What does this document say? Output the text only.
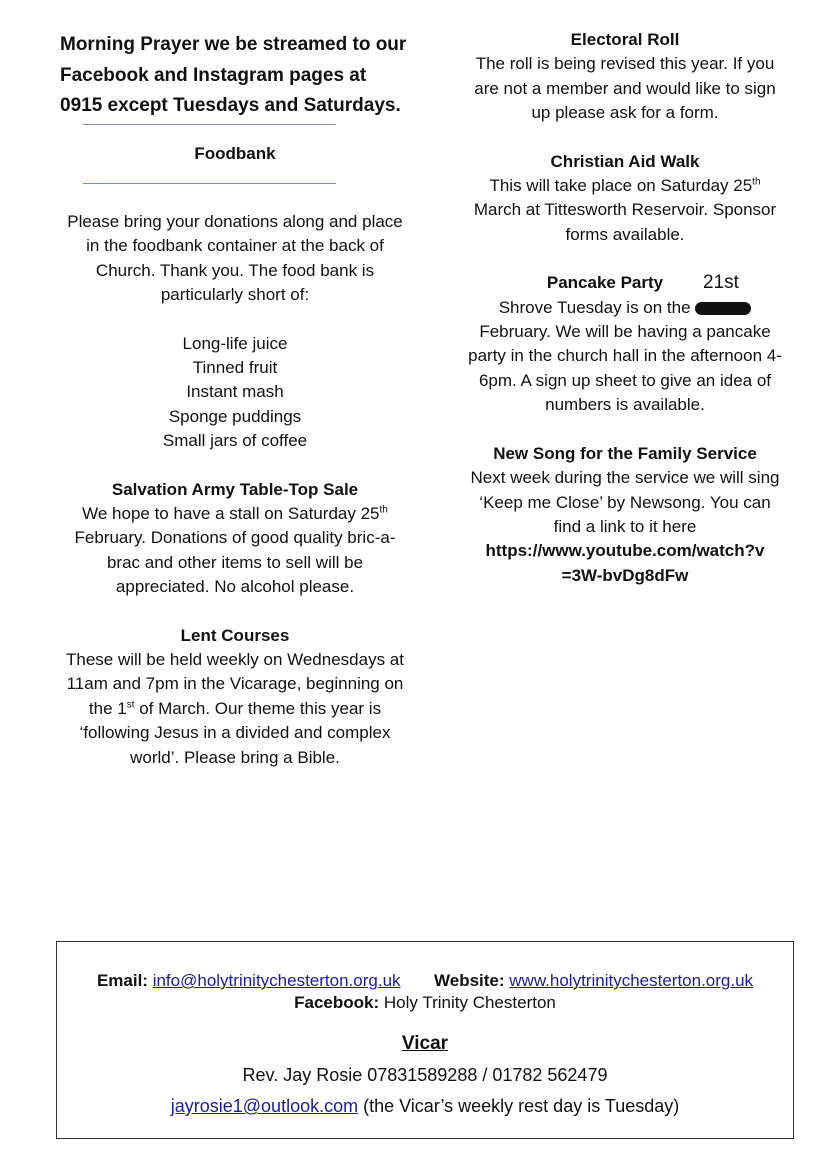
Morning Prayer we be streamed to our
Facebook and Instagram pages at
0915 except Tuesdays and Saturdays.

Foodbank

Please bring your donations along and place in the foodbank container at the back of Church. Thank you. The food bank is particularly short of:

Long-life juice

Tinned fruit

Instant mash

Sponge puddings

Small jars of coffee

Salvation Army Table-Top Sale

We hope to have a stall on Saturday 25th February. Donations of good quality bric-a-brac and other items to sell will be appreciated. No alcohol please.

Lent Courses

These will be held weekly on Wednesdays at 11am and 7pm in the Vicarage, beginning on the 1st of March. Our theme this year is ‘following Jesus in a divided and complex world’. Please bring a Bible.

Electoral Roll

The roll is being revised this year. If you are not a member and would like to sign up please ask for a form.

Christian Aid Walk

This will take place on Saturday 25th March at Tittesworth Reservoir. Sponsor forms available.

Pancake Party

Shrove Tuesday is on the  February. We will be having a pancake party in the church hall in the afternoon 4-6pm. A sign up sheet to give an idea of numbers is available.

New Song for the Family Service

Next week during the service we will sing ‘Keep me Close’ by Newsong. You can find a link to it here

https://www.youtube.com/watch?v
=3W-bvDg8dFw

21st
Email: info@holytrinitychesterton.org.uk Website: www.holytrinitychesterton.org.uk
Facebook: Holy Trinity Chesterton
Vicar
Rev. Jay Rosie 07831589288 / 01782 562479
jayrosie1@outlook.com (the Vicar’s weekly rest day is Tuesday)
